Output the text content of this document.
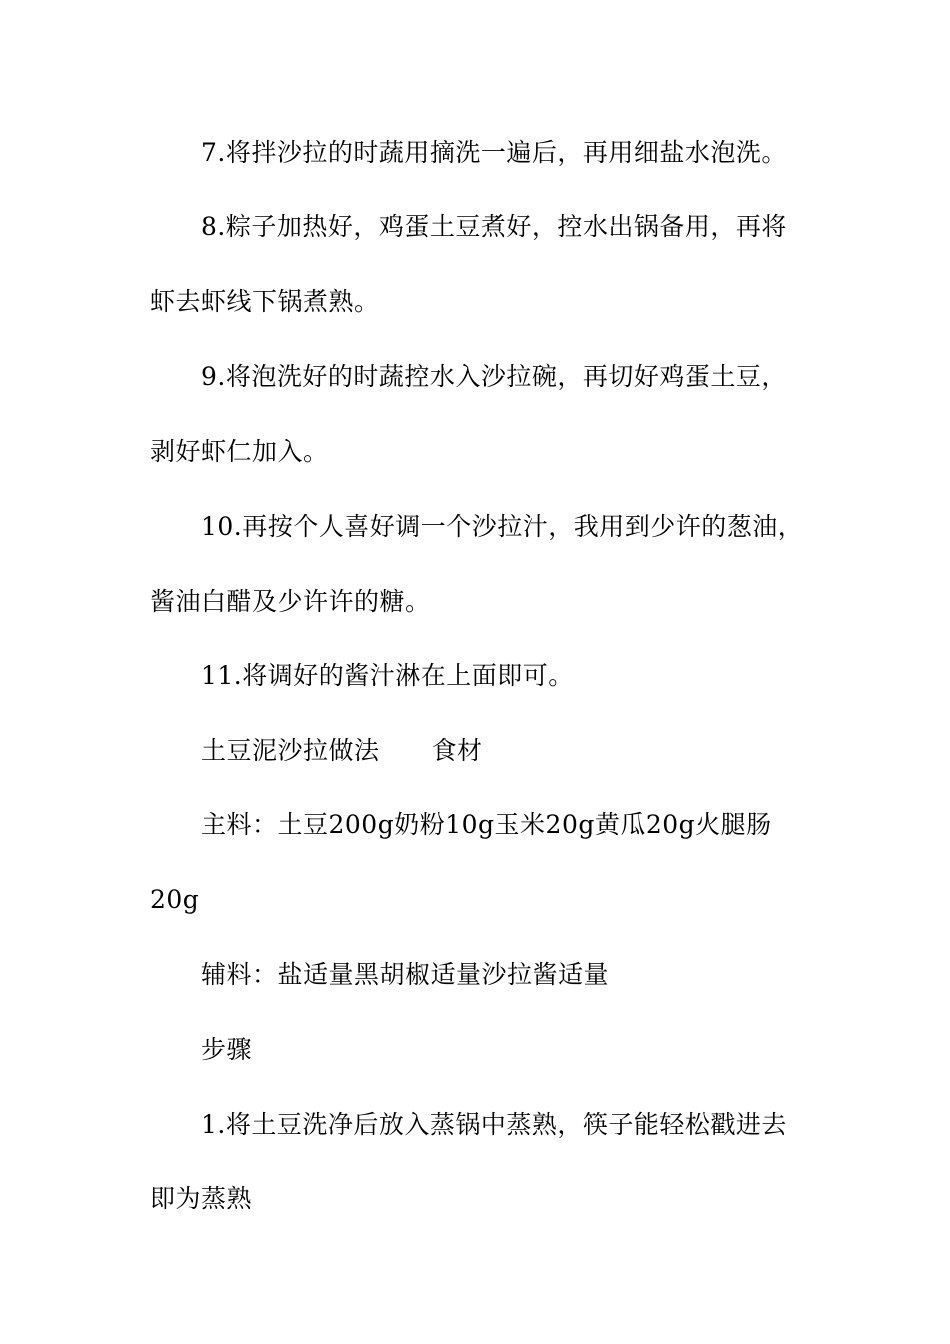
7.将拌沙拉的时蔬用摘洗一遍后，再用细盐水泡洗。
8.粽子加热好，鸡蛋土豆煮好，控水出锅备用，再将
虾去虾线下锅煮熟。
9.将泡洗好的时蔬控水入沙拉碗，再切好鸡蛋土豆，
剥好虾仁加入。
10.再按个人喜好调一个沙拉汁，我用到少许的葱油，
酱油白醋及少许许的糖。
11.将调好的酱汁淋在上面即可。
土豆泥沙拉做法 食材
主料：土豆200g奶粉10g玉米20g黄瓜20g火腿肠
20g
辅料：盐适量黑胡椒适量沙拉酱适量
步骤
1.将土豆洗净后放入蒸锅中蒸熟，筷子能轻松戳进去
即为蒸熟
